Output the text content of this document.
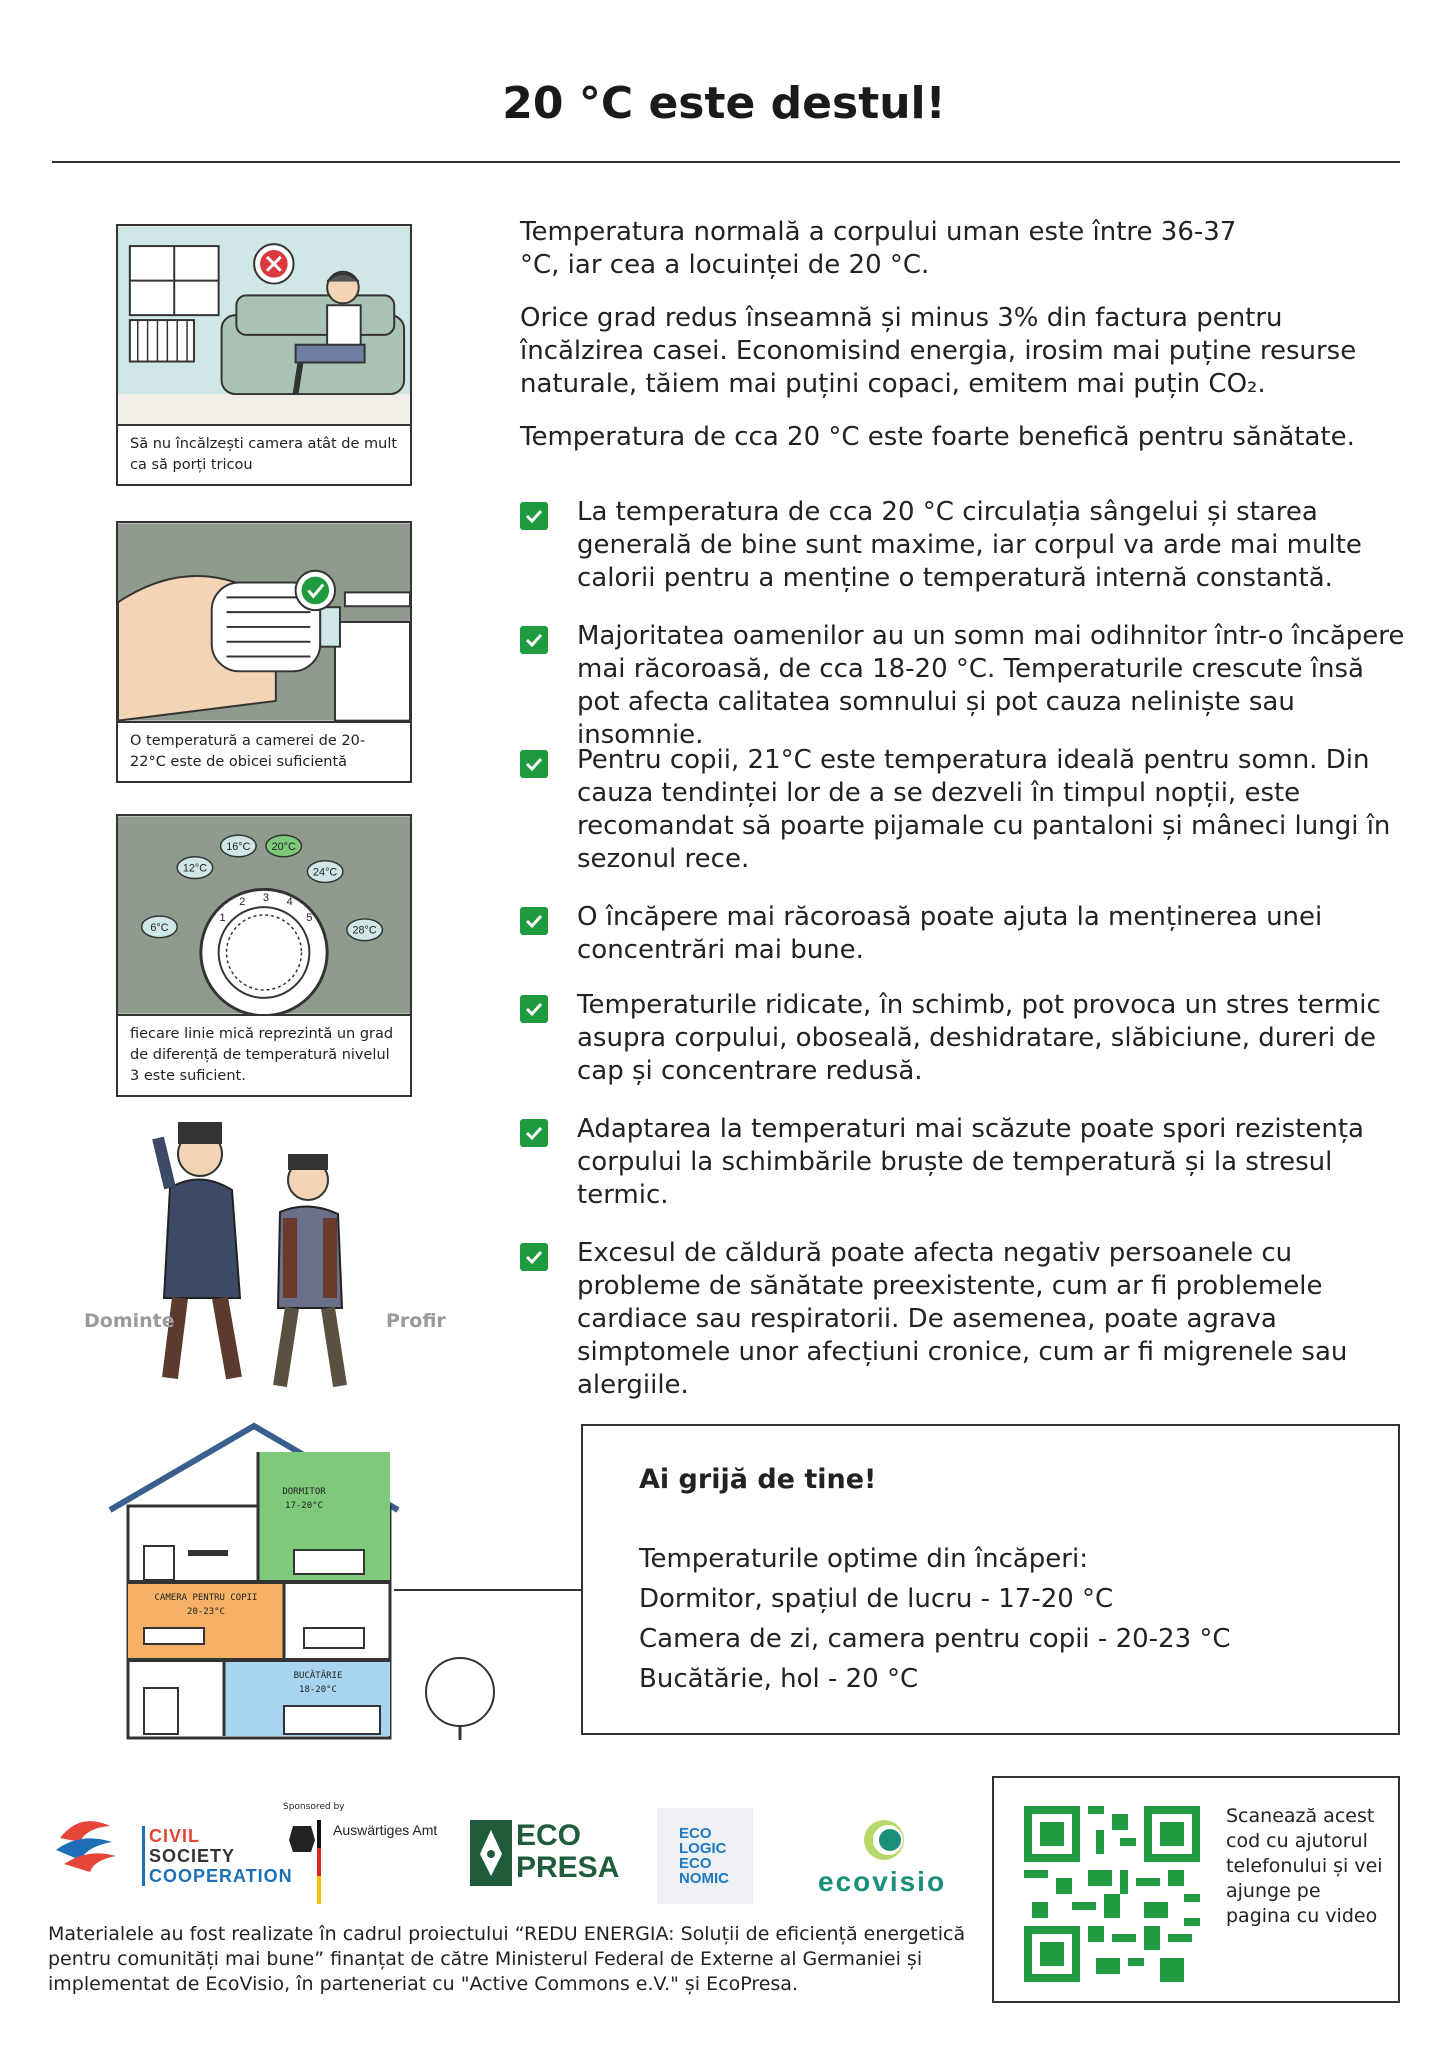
20 °C este destul!
Să nu încălzești camera atât de mult ca să porți tricou
O temperatură a camerei de 20-22°C este de obicei suficientă
6°C
12°C
16°C 20°C
24°C
28°C
1
2 3 4
5
fiecare linie mică reprezintă un grad de diferență de temperatură nivelul 3 este suficient.
Dominte	Profir

Temperatura normală a corpului uman este între 36-37 °C, iar cea a locuinței de 20 °C.

Orice grad redus înseamnă și minus 3% din factura pentru încălzirea casei. Economisind energia, irosim mai puține resurse naturale, tăiem mai puțini copaci, emitem mai puțin CO₂.

Temperatura de cca 20 °C este foarte benefică pentru sănătate.

La temperatura de cca 20 °C circulația sângelui și starea generală de bine sunt maxime, iar corpul va arde mai multe calorii pentru a menține o temperatură internă constantă.
Majoritatea oamenilor au un somn mai odihnitor într-o încăpere mai răcoroasă, de cca 18-20 °C. Temperaturile crescute însă pot afecta calitatea somnului și pot cauza neliniște sau insomnie.
Pentru copii, 21°C este temperatura ideală pentru somn. Din cauza tendinței lor de a se dezveli în timpul nopții, este recomandat să poarte pijamale cu pantaloni și mâneci lungi în sezonul rece.
O încăpere mai răcoroasă poate ajuta la menținerea unei concentrări mai bune.
Temperaturile ridicate, în schimb, pot provoca un stres termic asupra corpului, oboseală, deshidratare, slăbiciune, dureri de cap și concentrare redusă.
Adaptarea la temperaturi mai scăzute poate spori rezistența corpului la schimbările bruște de temperatură și la stresul termic.
Excesul de căldură poate afecta negativ persoanele cu probleme de sănătate preexistente, cum ar fi problemele cardiace sau respiratorii. De asemenea, poate agrava simptomele unor afecțiuni cronice, cum ar fi migrenele sau alergiile.
DORMITOR
17-20°C
CAMERA PENTRU COPII
20-23°C
BUCĂTĂRIE
18-20°C
Ai grijă de tine!
Temperaturile optime din încăperi:
Dormitor, spațiul de lucru - 17-20 °C
Camera de zi, camera pentru copii - 20-23 °C
Bucătărie, hol - 20 °C
CIVIL
SOCIETY
COOPERATION
Sponsored by
Auswärtiges Amt	ECO
PRESA
ECO
LOGIC
ECO
NOMIC	ecovisio
Materialele au fost realizate în cadrul proiectului “REDU ENERGIA: Soluții de eficiență energetică pentru comunități mai bune” finanțat de către Ministerul Federal de Externe al Germaniei și implementat de EcoVisio, în parteneriat cu "Active Commons e.V." și EcoPresa.
Scanează acest cod cu ajutorul telefonului și vei ajunge pe pagina cu video
